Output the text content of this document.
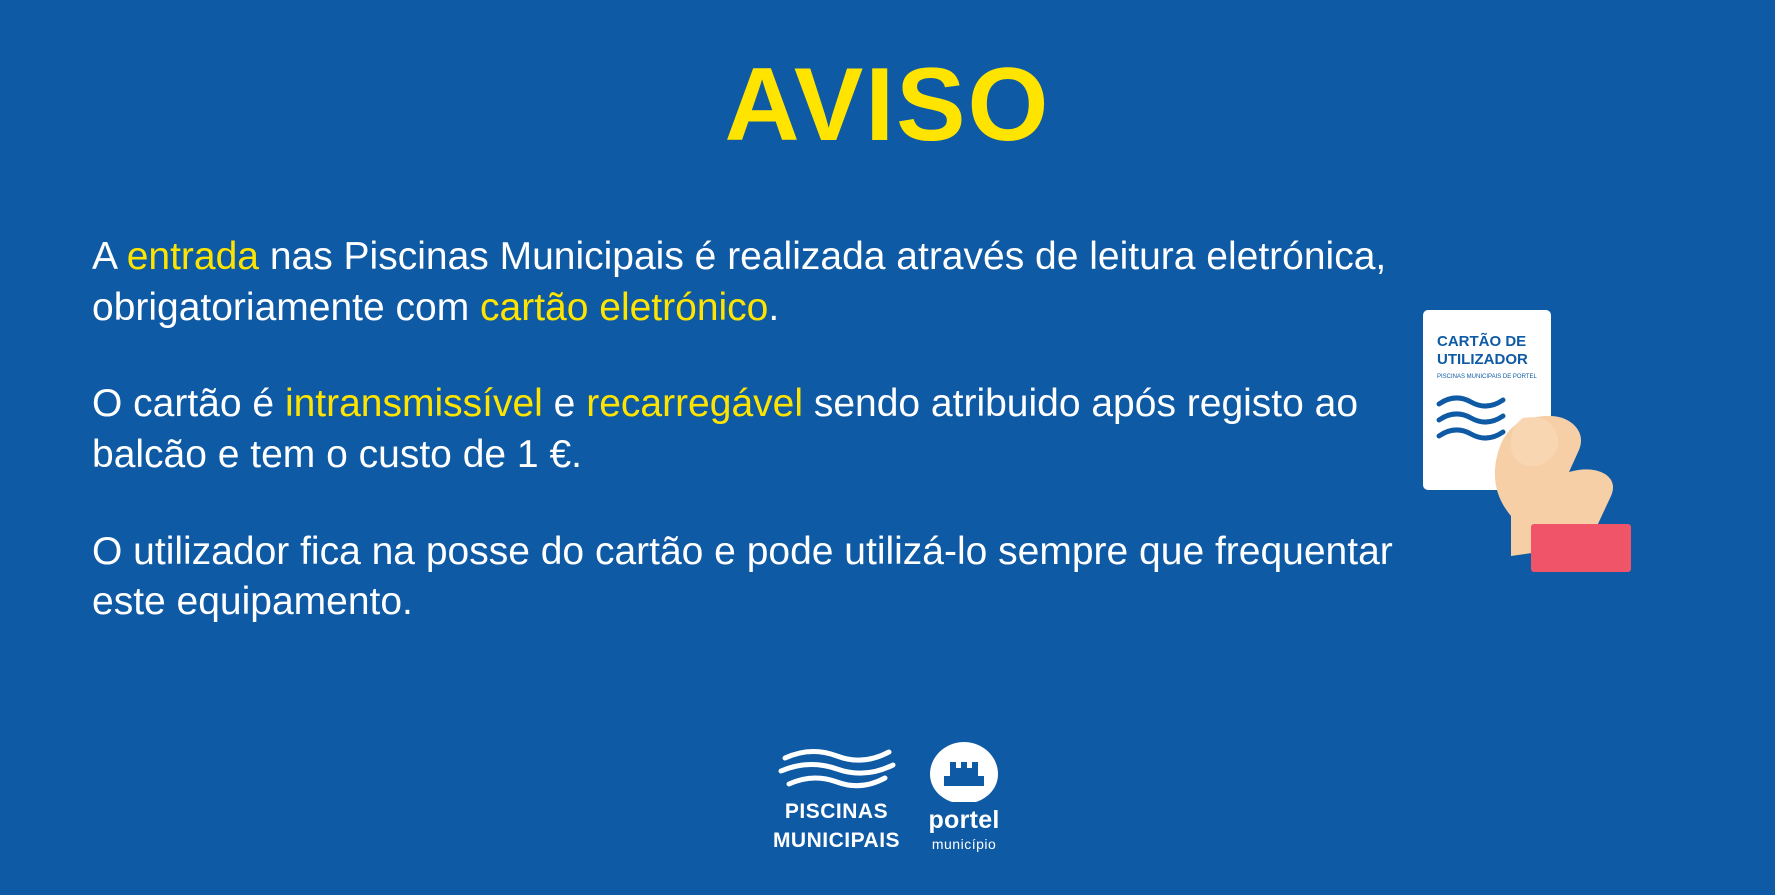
AVISO

A entrada nas Piscinas Municipais é realizada através de leitura eletrónica, obrigatoriamente com cartão eletrónico.

O cartão é intransmissível e recarregável sendo atribuido após registo ao balcão e tem o custo de 1 €.

O utilizador fica na posse do cartão e pode utilizá-lo sempre que frequentar este equipamento.

CARTÃO DE
UTILIZADOR
PISCINAS MUNICIPAIS DE PORTEL
PISCINAS
MUNICIPAIS
portel
município
